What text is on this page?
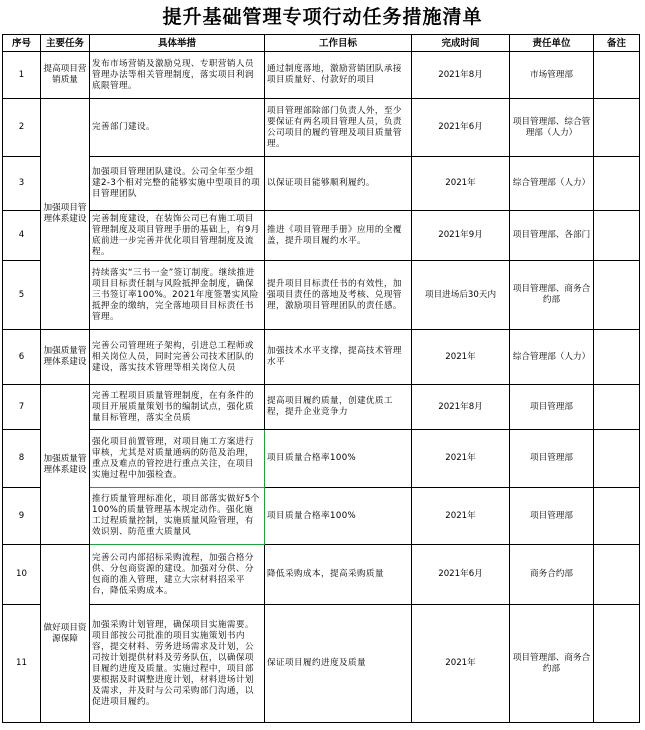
提升基础管理专项行动任务措施清单
序号	主要任务	具体举措	工作目标	完成时间	责任单位	备注
1	提高项目营销质量	发布市场营销及激励兑现、专职营销人员管理办法等相关管理制度，落实项目利润底限管理。	通过制度落地，激励营销团队承接项目质量好、付款好的项目	2021年8月	市场管理部	
2	加强项目管理体系建设	完善部门建设。	项目管理部除部门负责人外，至少要保证有两名项目管理人员，负责公司项目的履约管理及项目质量管理。	2021年6月	项目管理部、综合管理部（人力）	
3		加强项目管理团队建设。公司全年至少组建2-3个相对完整的能够实施中型项目的项目管理团队	以保证项目能够顺利履约。	2021年	综合管理部（人力）	
4		完善制度建设，在装饰公司已有施工项目管理制度及项目管理手册的基础上，有9月底前进一步完善并优化项目管理制度及流程。	推进《项目管理手册》应用的全覆盖，提升项目履约水平。	2021年9月	项目管理部、各部门	
5		持续落实“三书一金”签订制度。继续推进项目目标责任制与风险抵押金制度，确保三书签订率100%。2021年度签署实风险抵押金的缴纳，完全落地项目目标责任书管理。	提升项目目标责任书的有效性，加强项目责任的落地及考核、兑现管理，激励项目管理团队的责任感。	项目进场后30天内	项目管理部、商务合约部	
6	加强质量管理体系建设	完善公司管理班子架构，引进总工程师或相关岗位人员，同时完善公司技术团队的建设，落实技术管理等相关岗位人员	加强技术水平支撑，提高技术管理水平	2021年	综合管理部（人力）	
7	加强质量管理体系建设	完善工程项目质量管理制度，在有条件的项目开展质量策划书的编制试点，强化质量目标管理，落实全员质	提高项目履约质量，创建优质工程，提升企业竞争力	2021年8月	项目管理部	
8		强化项目前置管理，对项目施工方案进行审核，尤其是对质量通病的防范及治理，重点及难点的管控进行重点关注，在项目实施过程中加强检查。	项目质量合格率100%	2021年	项目管理部	
9		推行质量管理标准化，项目部落实做好5个100%的质量管理基本规定动作。强化施工过程质量控制，实施质量风险管理，有效识别、防范重大质量风	项目质量合格率100%	2021年	项目管理部	
10	做好项目资源保障	完善公司内部招标采购流程，加强合格分供、分包商资源的建设。加强对分供、分包商的准入管理，建立大宗材料招采平台，降低采购成本。	降低采购成本，提高采购质量	2021年6月	商务合约部	
11		加强采购计划管理，确保项目实施需要。项目部按公司批准的项目实施策划书内容，提交材料、劳务进场需求及计划，公司按计划提供材料及劳务队伍，以确保项目履约进度及质量。实施过程中，项目部要根据及时调整进度计划，材料进场计划及需求，并及时与公司采购部门沟通，以促进项目履约。	保证项目履约进度及质量	2021年	项目管理部、商务合约部	
